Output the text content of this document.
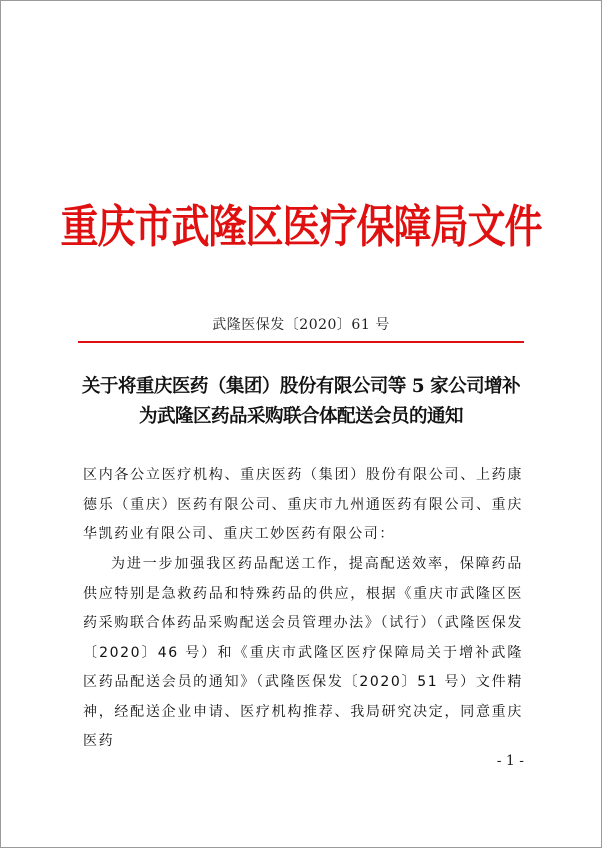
重庆市武隆区医疗保障局文件
武隆医保发〔2020〕61 号
关于将重庆医药（集团）股份有限公司等 5 家公司增补
为武隆区药品采购联合体配送会员的通知
区内各公立医疗机构、重庆医药（集团）股份有限公司、上药康德乐（重庆）医药有限公司、重庆市九州通医药有限公司、重庆华凯药业有限公司、重庆工妙医药有限公司：
为进一步加强我区药品配送工作，提高配送效率，保障药品供应特别是急救药品和特殊药品的供应，根据《重庆市武隆区医药采购联合体药品采购配送会员管理办法》（试行）（武隆医保发〔2020〕46 号）和《重庆市武隆区医疗保障局关于增补武隆区药品配送会员的通知》（武隆医保发〔2020〕51 号）文件精神，经配送企业申请、医疗机构推荐、我局研究决定，同意重庆医药
- 1 -
